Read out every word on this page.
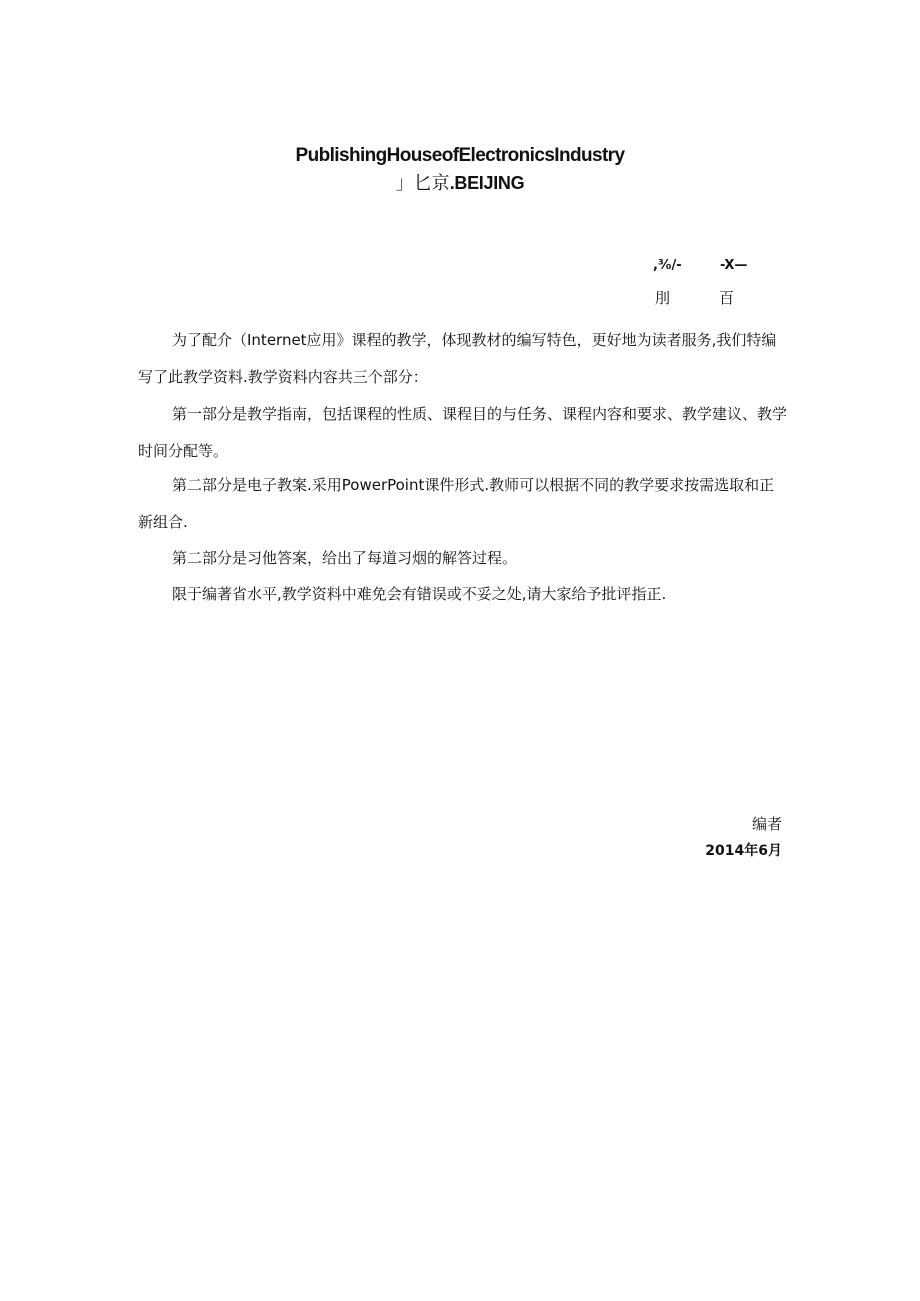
PublishingHouseofElectronicsIndustry
」匕京.BEIJING
,³⁄₀/-	-X—
刖	百

为了配介（Internet应用》课程的教学，体现教材的编写特色，更好地为读者服务,我们特编写了此教学资料.教学资料内容共三个部分：

第一部分是教学指南，包括课程的性质、课程目的与任务、课程内容和要求、教学建议、教学时间分配等。

第二部分是电子教案.采用PowerPoint课件形式.教师可以根据不同的教学要求按需选取和正新组合.

第二部分是习他答案，给出了每道习烟的解答过程。

限于编著省水平,教学资料中难免会有错误或不妥之处,请大家给予批评指正.

编者
2014年6月
